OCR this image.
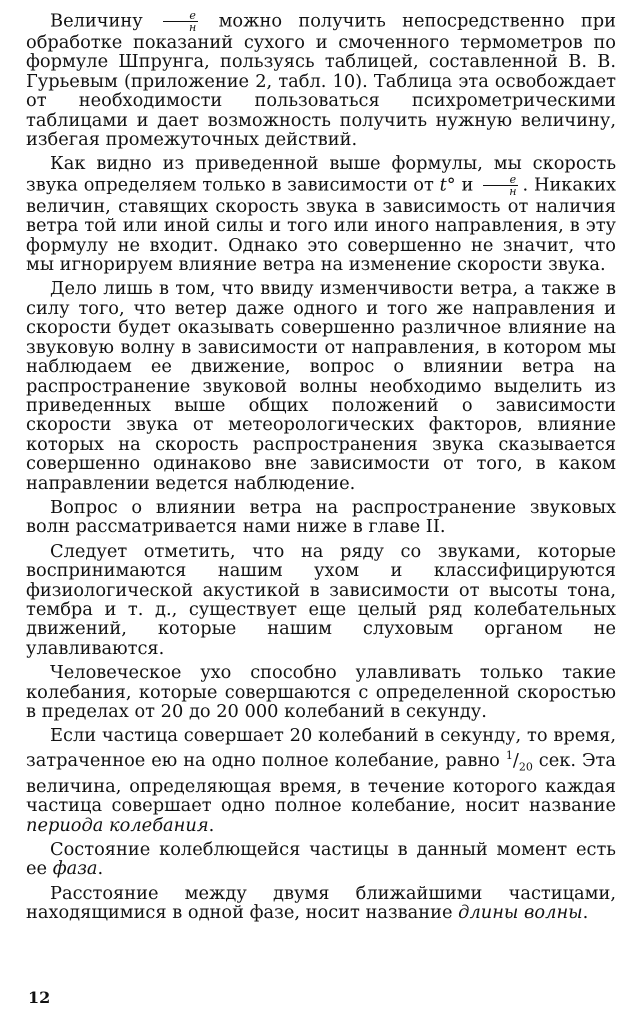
Величину $\frac{e}{н}$ можно получить непосредственно при обработке показаний сухого и смоченного термометров по формуле Шпрунга, пользуясь таблицей, составленной В. В. Гурьевым (приложение 2, табл. 10). Таблица эта освобождает от необходимости пользоваться психрометрическими таблицами и дает возможность получить нужную величину, избегая промежуточных действий.

Как видно из приведенной выше формулы, мы скорость звука определяем только в зависимости от t° и $\frac{e}{н}$ . Никаких величин, ставящих скорость звука в зависимость от наличия ветра той или иной силы и того или иного направления, в эту формулу не входит. Однако это совершенно не значит, что мы игнорируем влияние ветра на изменение скорости звука.

Дело лишь в том, что ввиду изменчивости ветра, а также в силу того, что ветер даже одного и того же направления и скорости будет оказывать совершенно различное влияние на звуковую волну в зависимости от направления, в котором мы наблюдаем ее движение, вопрос о влиянии ветра на распространение звуковой волны необходимо выделить из приведенных выше общих положений о зависимости скорости звука от метеорологических факторов, влияние которых на скорость распространения звука сказывается совершенно одинаково вне зависимости от того, в каком направлении ведется наблюдение.

Вопрос о влиянии ветра на распространение звуковых волн рассматривается нами ниже в главе II.

Следует отметить, что на ряду со звуками, которые воспринимаются нашим ухом и классифицируются физиологической акустикой в зависимости от высоты тона, тембра и т. д., существует еще целый ряд колебательных движений, которые нашим слуховым органом не улавливаются.

Человеческое ухо способно улавливать только такие колебания, которые совершаются с определенной скоростью в пределах от 20 до 20 000 колебаний в секунду.

Если частица совершает 20 колебаний в секунду, то время, затраченное ею на одно полное колебание, равно $^1/_{20}$ сек. Эта величина, определяющая время, в течение которого каждая частица совершает одно полное колебание, носит название периода колебания.

Состояние колеблющейся частицы в данный момент есть ее фаза.

Расстояние между двумя ближайшими частицами, находящимися в одной фазе, носит название длины волны.

12
